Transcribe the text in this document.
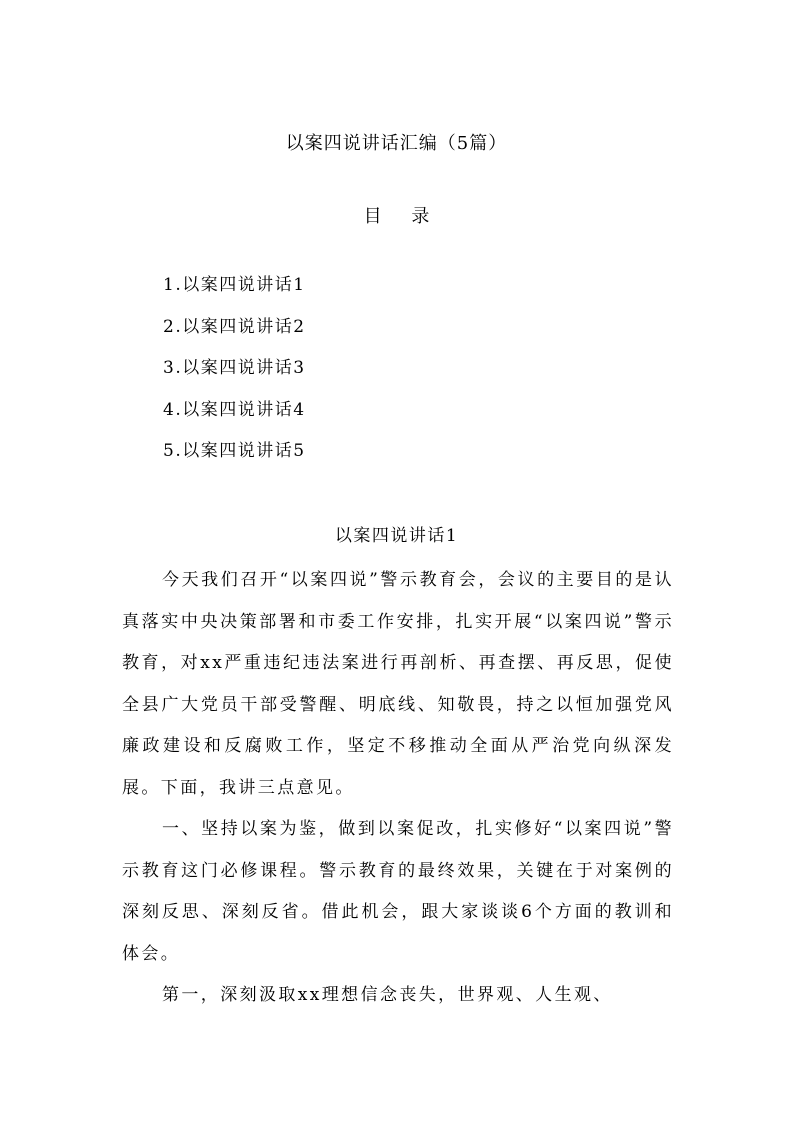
以案四说讲话汇编（5篇）
目 录
1.以案四说讲话1
2.以案四说讲话2
3.以案四说讲话3
4.以案四说讲话4
5.以案四说讲话5
以案四说讲话1

今天我们召开“以案四说”警示教育会，会议的主要目的是认真落实中央决策部署和市委工作安排，扎实开展“以案四说”警示教育，对xx严重违纪违法案进行再剖析、再查摆、再反思，促使全县广大党员干部受警醒、明底线、知敬畏，持之以恒加强党风廉政建设和反腐败工作，坚定不移推动全面从严治党向纵深发展。下面，我讲三点意见。

一、坚持以案为鉴，做到以案促改，扎实修好“以案四说”警示教育这门必修课程。警示教育的最终效果，关键在于对案例的深刻反思、深刻反省。借此机会，跟大家谈谈6个方面的教训和体会。

第一，深刻汲取xx理想信念丧失，世界观、人生观、
